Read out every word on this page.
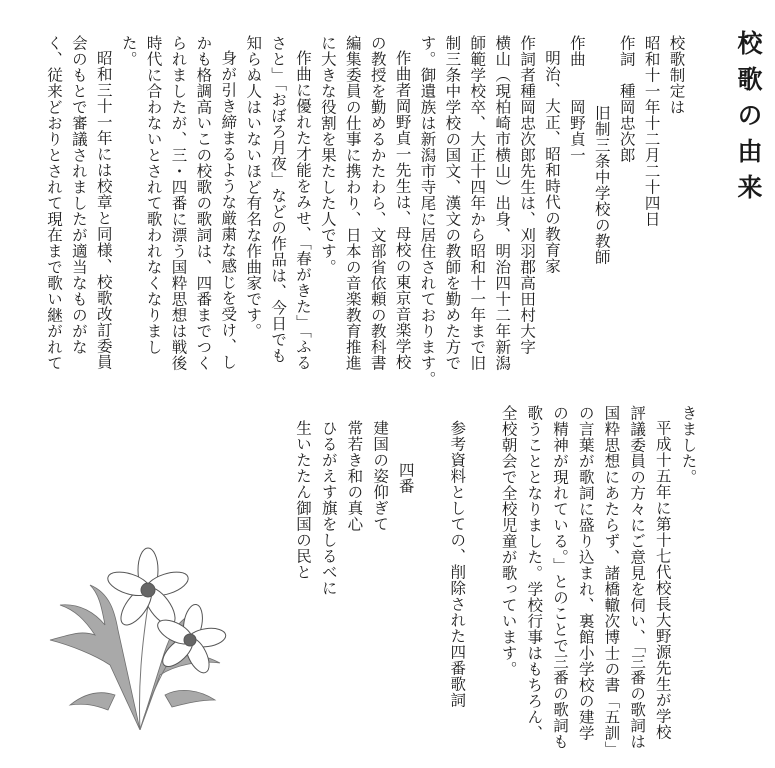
校歌の由来
校歌制定は
昭和十一年十二月二十四日
作詞　種岡忠次郎
旧制三条中学校の教師
作曲　　岡野貞一
明治、大正、昭和時代の教育家
作詞者種岡忠次郎先生は、刈羽郡高田村大字
横山（現柏崎市横山）出身、明治四十二年新潟
師範学校卒、大正十四年から昭和十一年まで旧
制三条中学校の国文、漢文の教師を勤めた方で
す。御遺族は新潟市寺尾に居住されております。
作曲者岡野貞一先生は、母校の東京音楽学校
の教授を勤めるかたわら、文部省依頼の教科書
編集委員の仕事に携わり、日本の音楽教育推進
に大きな役割を果たした人です。
作曲に優れた才能をみせ、「春がきた」「ふる
さと」「おぼろ月夜」などの作品は、今日でも
知らぬ人はいないほど有名な作曲家です。
身が引き締まるような厳粛な感じを受け、し
かも格調高いこの校歌の歌詞は、四番までつく
られましたが、三・四番に漂う国粋思想は戦後
時代に合わないとされて歌われなくなりまし
た。
昭和三十一年には校章と同様、校歌改訂委員
会のもとで審議されましたが適当なものがな
く、従来どおりとされて現在まで歌い継がれて
きました。
平成十五年に第十七代校長大野源先生が学校
評議委員の方々にご意見を伺い、「三番の歌詞は
国粋思想にあたらず、諸橋轍次博士の書「五訓」
の言葉が歌詞に盛り込まれ、裏館小学校の建学
の精神が現れている。」とのことで三番の歌詞も
歌うこととなりました。学校行事はもちろん、
全校朝会で全校児童が歌っています。
参考資料としての、削除された四番歌詞
四番
建国の姿仰ぎて
常若き和の真心
ひるがえす旗をしるべに
生いたたん御国の民と
